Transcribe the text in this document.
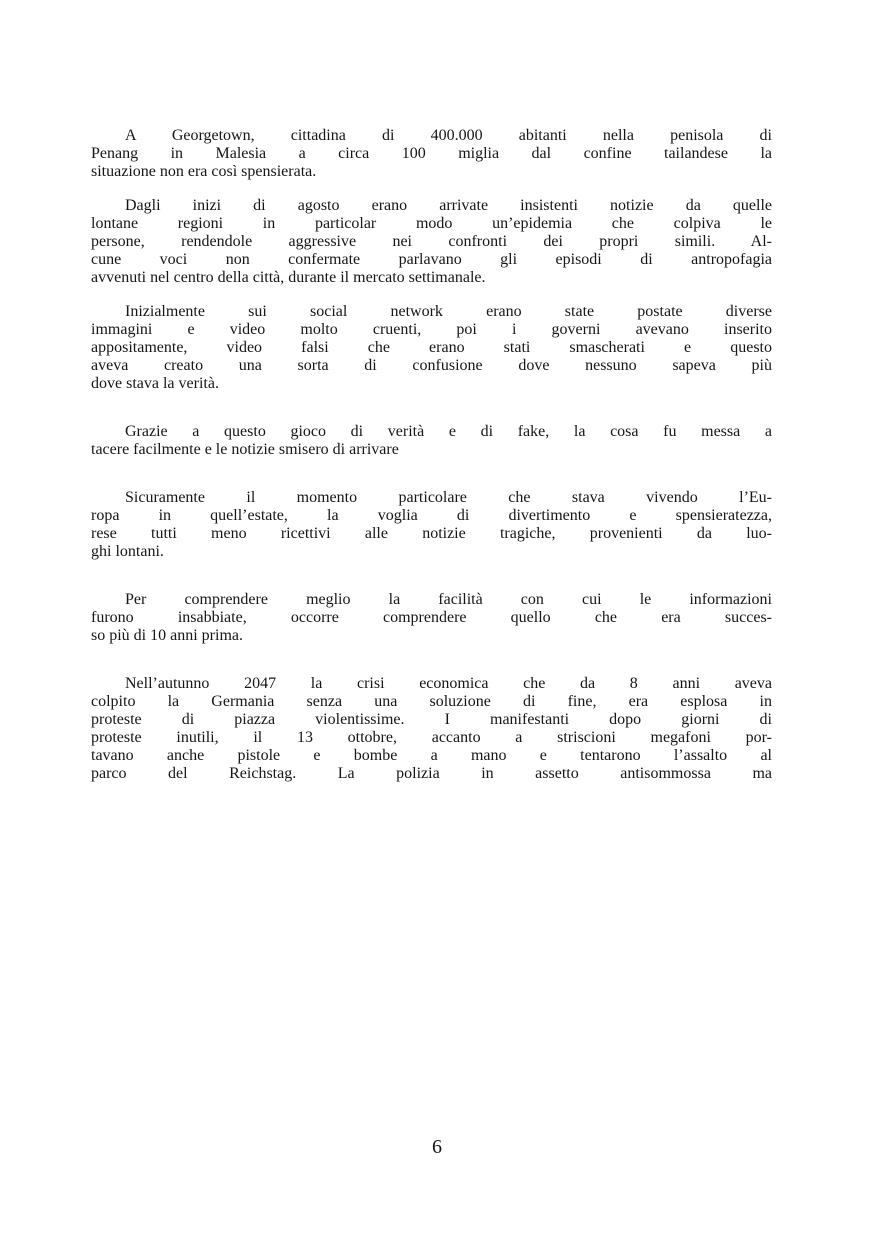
A Georgetown, cittadina di 400.000 abitanti nella penisola di
Penang in Malesia a circa 100 miglia dal confine tailandese la
situazione non era così spensierata.

Dagli inizi di agosto erano arrivate insistenti notizie da quelle
lontane regioni in particolar modo un’epidemia che colpiva le
persone, rendendole aggressive nei confronti dei propri simili. Al-
cune voci non confermate parlavano gli episodi di antropofagia
avvenuti nel centro della città, durante il mercato settimanale.

Inizialmente sui social network erano state postate diverse
immagini e video molto cruenti, poi i governi avevano inserito
appositamente, video falsi che erano stati smascherati e questo
aveva creato una sorta di confusione dove nessuno sapeva più
dove stava la verità.

Grazie a questo gioco di verità e di fake, la cosa fu messa a
tacere facilmente e le notizie smisero di arrivare

Sicuramente il momento particolare che stava vivendo l’Eu-
ropa in quell’estate, la voglia di divertimento e spensieratezza,
rese tutti meno ricettivi alle notizie tragiche, provenienti da luo-
ghi lontani.

Per comprendere meglio la facilità con cui le informazioni
furono insabbiate, occorre comprendere quello che era succes-
so più di 10 anni prima.

Nell’autunno 2047 la crisi economica che da 8 anni aveva
colpito la Germania senza una soluzione di fine, era esplosa in
proteste di piazza violentissime. I manifestanti dopo giorni di
proteste inutili, il 13 ottobre, accanto a striscioni megafoni por-
tavano anche pistole e bombe a mano e tentarono l’assalto al
parco del Reichstag. La polizia in assetto antisommossa ma

6
